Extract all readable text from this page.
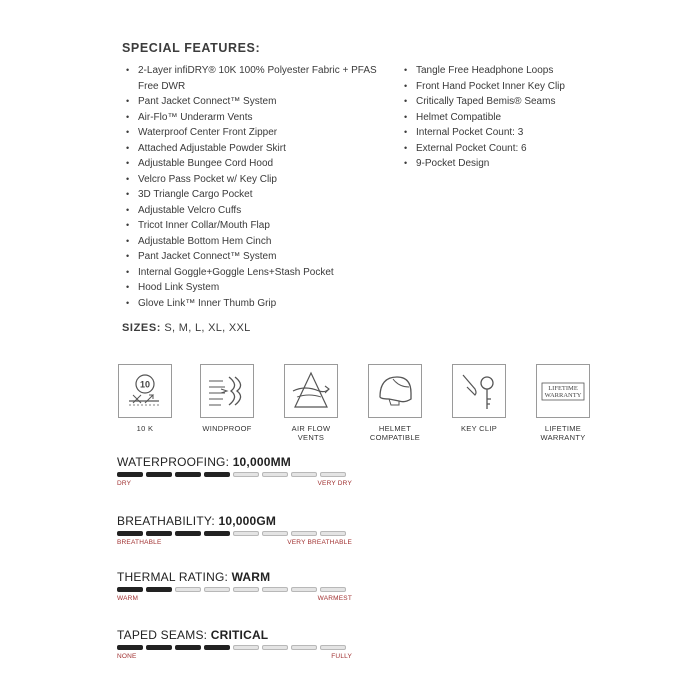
SPECIAL FEATURES:
• 2-Layer infiDRY® 10K 100% Polyester Fabric + PFAS Free DWR
• Pant Jacket Connect™ System
• Air-Flo™ Underarm Vents
• Waterproof Center Front Zipper
• Attached Adjustable Powder Skirt
• Adjustable Bungee Cord Hood
• Velcro Pass Pocket w/ Key Clip
• 3D Triangle Cargo Pocket
• Adjustable Velcro Cuffs
• Tricot Inner Collar/Mouth Flap
• Adjustable Bottom Hem Cinch
• Pant Jacket Connect™ System
• Internal Goggle+Goggle Lens+Stash Pocket
• Hood Link System
• Glove Link™ Inner Thumb Grip
• Tangle Free Headphone Loops
• Front Hand Pocket Inner Key Clip
• Critically Taped Bemis® Seams
• Helmet Compatible
• Internal Pocket Count: 3
• External Pocket Count: 6
• 9-Pocket Design
SIZES: S, M, L, XL, XXL
10
10 K	WINDPROOF	AIR FLOW VENTS
HELMET COMPATIBLE
KEY CLIP
LIFETIME
WARRANTY
LIFETIME WARRANTY
WATERPROOFING: 10,000MM
DRY	VERY DRY
BREATHABILITY: 10,000GM
BREATHABLE	VERY BREATHABLE
THERMAL RATING: WARM
WARM	WARMEST
TAPED SEAMS: CRITICAL
NONE	FULLY
